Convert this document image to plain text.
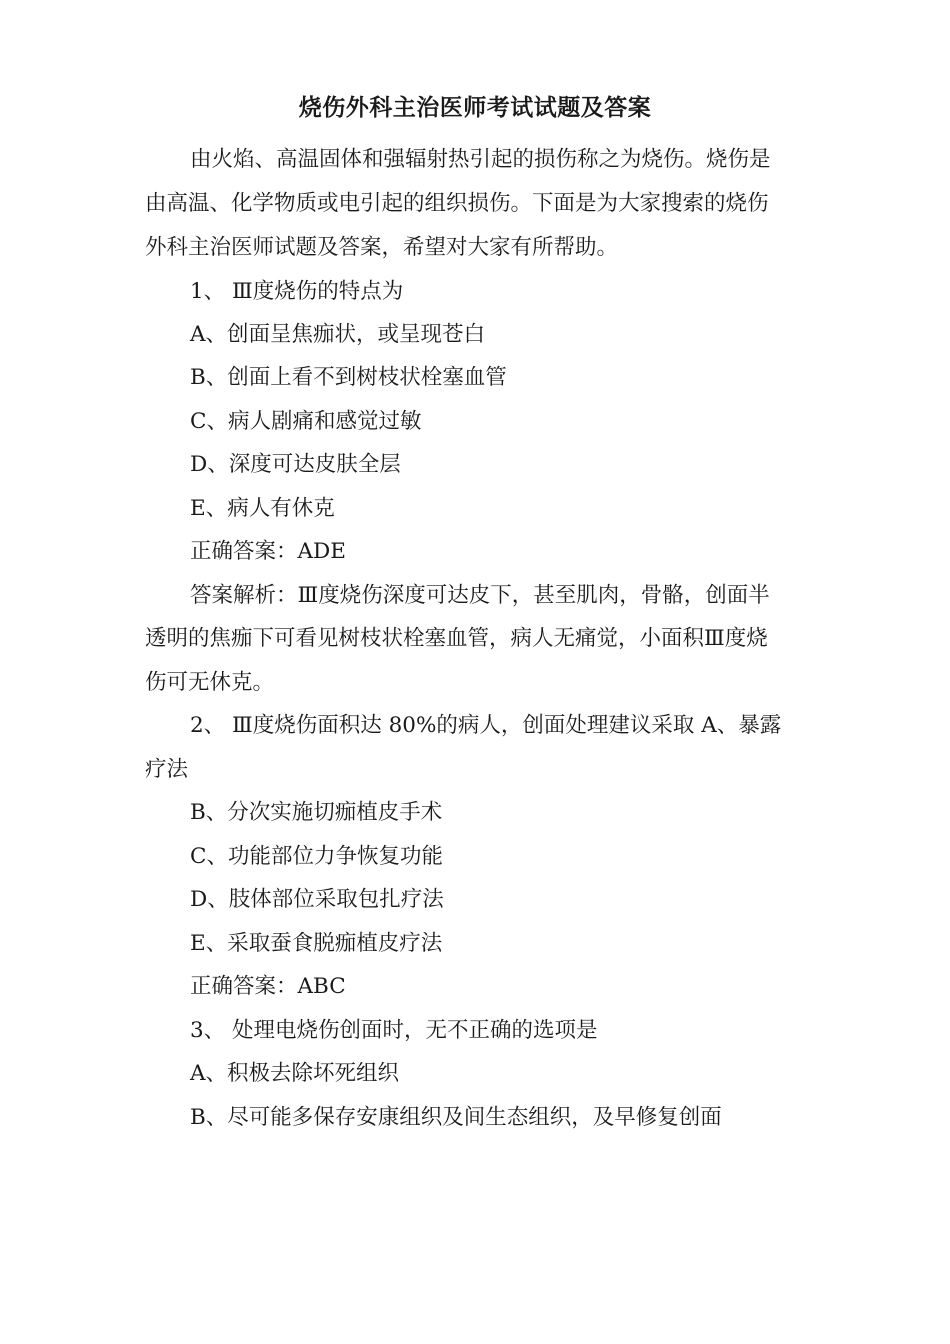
烧伤外科主治医师考试试题及答案
由火焰、高温固体和强辐射热引起的损伤称之为烧伤。烧伤是
由高温、化学物质或电引起的组织损伤。下面是为大家搜索的烧伤
外科主治医师试题及答案，希望对大家有所帮助。
1、 Ⅲ度烧伤的特点为
A、创面呈焦痂状，或呈现苍白
B、创面上看不到树枝状栓塞血管
C、病人剧痛和感觉过敏
D、深度可达皮肤全层
E、病人有休克
正确答案：ADE
答案解析：Ⅲ度烧伤深度可达皮下，甚至肌肉，骨骼，创面半
透明的焦痂下可看见树枝状栓塞血管，病人无痛觉，小面积Ⅲ度烧
伤可无休克。
2、 Ⅲ度烧伤面积达 80%的病人，创面处理建议采取 A、暴露
疗法
B、分次实施切痂植皮手术
C、功能部位力争恢复功能
D、肢体部位采取包扎疗法
E、采取蚕食脱痂植皮疗法
正确答案：ABC
3、 处理电烧伤创面时，无不正确的选项是
A、积极去除坏死组织
B、尽可能多保存安康组织及间生态组织，及早修复创面
